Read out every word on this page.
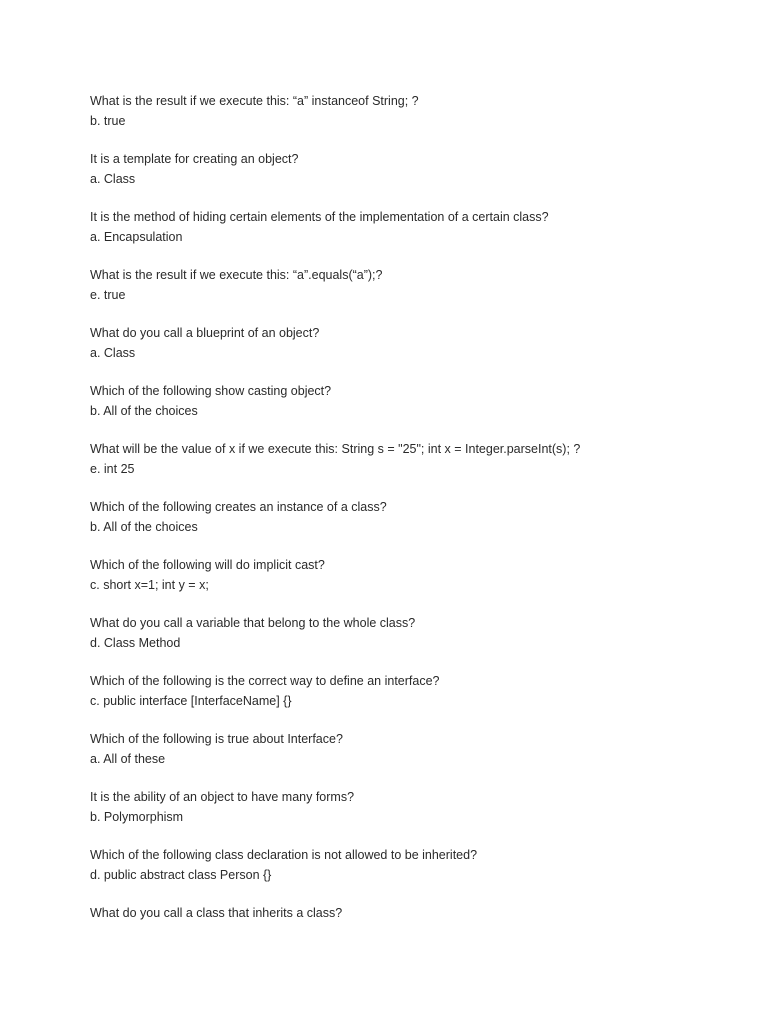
What is the result if we execute this: “a” instanceof String; ?
b. true
It is a template for creating an object?
a. Class
It is the method of hiding certain elements of the implementation of a certain class?
a. Encapsulation
What is the result if we execute this: “a”.equals(“a”);?
e. true
What do you call a blueprint of an object?
a. Class
Which of the following show casting object?
b. All of the choices
What will be the value of x if we execute this: String s = "25"; int x = Integer.parseInt(s); ?
e. int 25
Which of the following creates an instance of a class?
b. All of the choices
Which of the following will do implicit cast?
c. short x=1; int y = x;
What do you call a variable that belong to the whole class?
d. Class Method
Which of the following is the correct way to define an interface?
c. public interface [InterfaceName] {}
Which of the following is true about Interface?
a. All of these
It is the ability of an object to have many forms?
b. Polymorphism
Which of the following class declaration is not allowed to be inherited?
d. public abstract class Person {}
What do you call a class that inherits a class?
